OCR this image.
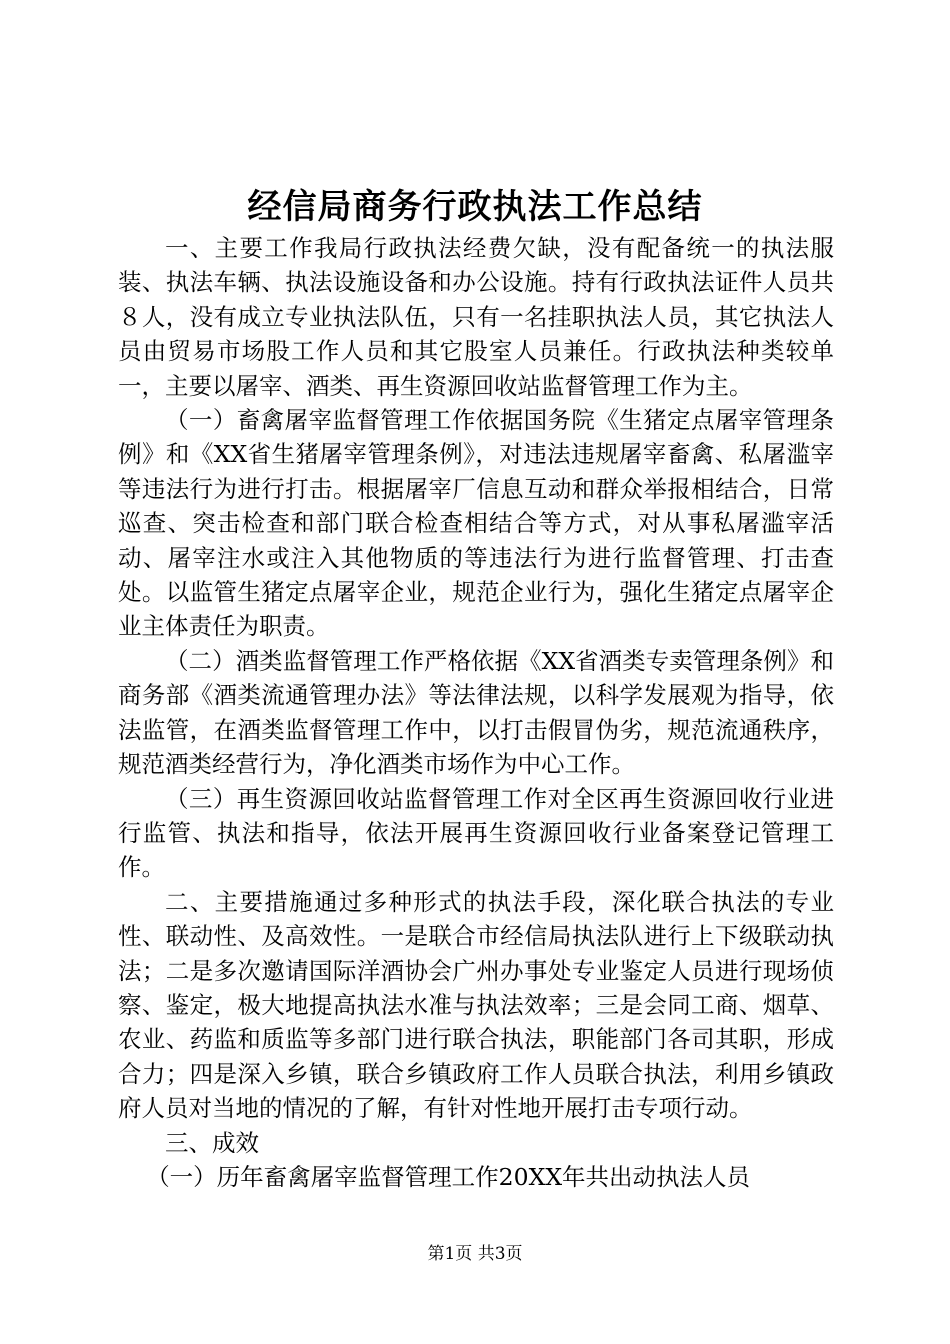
经信局商务行政执法工作总结

一、主要工作我局行政执法经费欠缺，没有配备统一的执法服装、执法车辆、执法设施设备和办公设施。持有行政执法证件人员共８人，没有成立专业执法队伍，只有一名挂职执法人员，其它执法人员由贸易市场股工作人员和其它股室人员兼任。行政执法种类较单一，主要以屠宰、酒类、再生资源回收站监督管理工作为主。

（一）畜禽屠宰监督管理工作依据国务院《生猪定点屠宰管理条例》和《XX省生猪屠宰管理条例》，对违法违规屠宰畜禽、私屠滥宰等违法行为进行打击。根据屠宰厂信息互动和群众举报相结合，日常巡查、突击检查和部门联合检查相结合等方式，对从事私屠滥宰活动、屠宰注水或注入其他物质的等违法行为进行监督管理、打击查处。以监管生猪定点屠宰企业，规范企业行为，强化生猪定点屠宰企业主体责任为职责。

（二）酒类监督管理工作严格依据《XX省酒类专卖管理条例》和商务部《酒类流通管理办法》等法律法规，以科学发展观为指导，依法监管，在酒类监督管理工作中，以打击假冒伪劣，规范流通秩序，规范酒类经营行为，净化酒类市场作为中心工作。

（三）再生资源回收站监督管理工作对全区再生资源回收行业进行监管、执法和指导，依法开展再生资源回收行业备案登记管理工作。

二、主要措施通过多种形式的执法手段，深化联合执法的专业性、联动性、及高效性。一是联合市经信局执法队进行上下级联动执法；二是多次邀请国际洋酒协会广州办事处专业鉴定人员进行现场侦察、鉴定，极大地提高执法水准与执法效率；三是会同工商、烟草、农业、药监和质监等多部门进行联合执法，职能部门各司其职，形成合力；四是深入乡镇，联合乡镇政府工作人员联合执法，利用乡镇政府人员对当地的情况的了解，有针对性地开展打击专项行动。

三、成效

（一）历年畜禽屠宰监督管理工作20XX年共出动执法人员

第1页 共3页
